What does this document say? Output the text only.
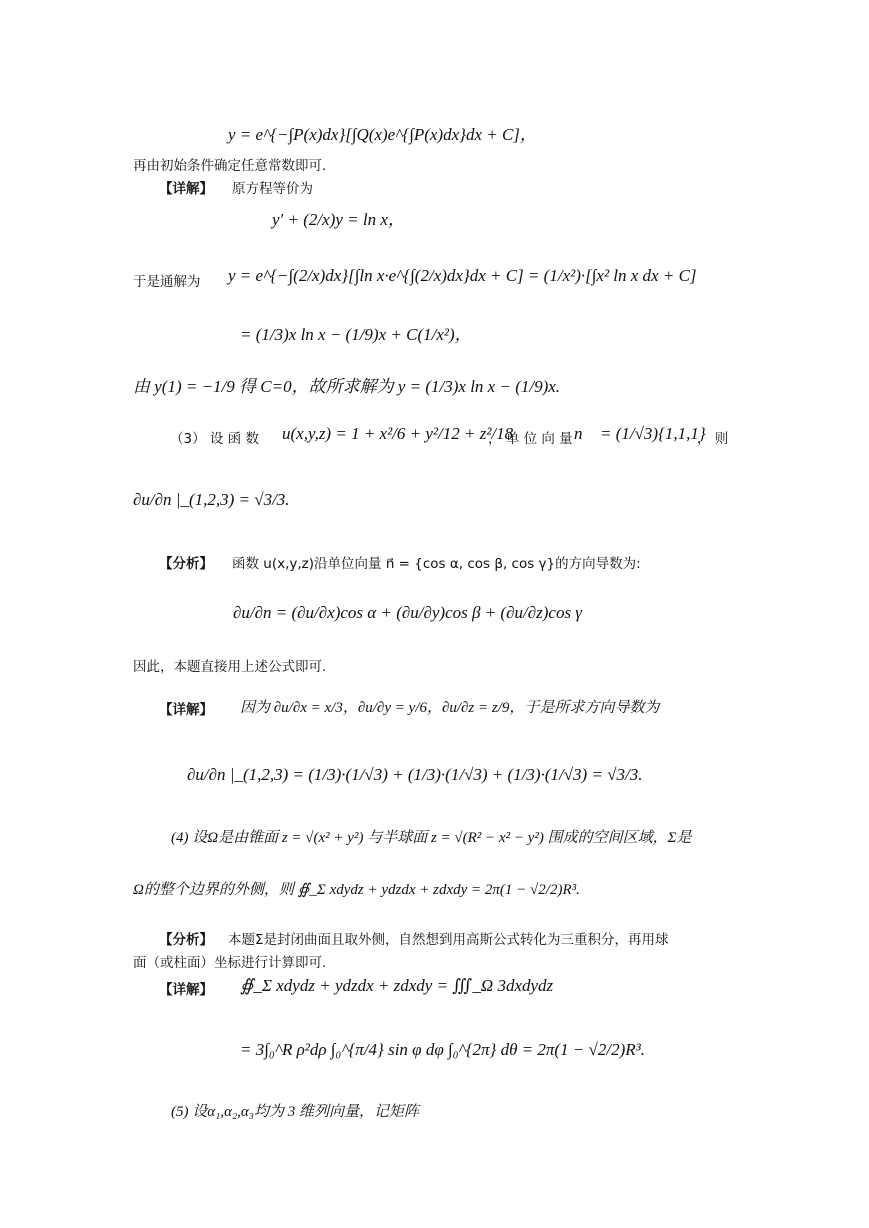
y = e^{−∫P(x)dx}[∫Q(x)e^{∫P(x)dx}dx + C]，
再由初始条件确定任意常数即可.
【详解】 原方程等价为
y′ + (2/x)y = ln x，
于是通解为 y = e^{−∫(2/x)dx}[∫ln x·e^{∫(2/x)dx}dx + C] = (1/x²)·[∫x² ln x dx + C]
= (1/3)x ln x − (1/9)x + C(1/x²)，
由 y(1) = −1/9 得 C=0，故所求解为 y = (1/3)x ln x − (1/9)x.
（3） 设 函 数 u(x,y,z) = 1 + x²/6 + y²/12 + z²/18
， 单 位 向 量 n⃗ = (1/√3){1,1,1}
， 则
∂u/∂n |_(1,2,3) = √3/3.
【分析】 函数 u(x,y,z)沿单位向量 n⃗ = {cos α, cos β, cos γ}的方向导数为:
∂u/∂n = (∂u/∂x)cos α + (∂u/∂y)cos β + (∂u/∂z)cos γ
因此，本题直接用上述公式即可.
【详解】 因为 ∂u/∂x = x/3，∂u/∂y = y/6，∂u/∂z = z/9，于是所求方向导数为
∂u/∂n |_(1,2,3) = (1/3)·(1/√3) + (1/3)·(1/√3) + (1/3)·(1/√3) = √3/3.
(4) 设Ω是由锥面 z = √(x² + y²) 与半球面 z = √(R² − x² − y²) 围成的空间区域，Σ是
Ω的整个边界的外侧，则 ∯_Σ xdydz + ydzdx + zdxdy = 2π(1 − √2/2)R³.
【分析】 本题Σ是封闭曲面且取外侧，自然想到用高斯公式转化为三重积分，再用球
面（或柱面）坐标进行计算即可.
【详解】 ∯_Σ xdydz + ydzdx + zdxdy = ∭_Ω 3dxdydz
= 3∫₀^R ρ²dρ ∫₀^{π/4} sin φ dφ ∫₀^{2π} dθ = 2π(1 − √2/2)R³.
(5) 设α₁,α₂,α₃均为 3 维列向量，记矩阵
